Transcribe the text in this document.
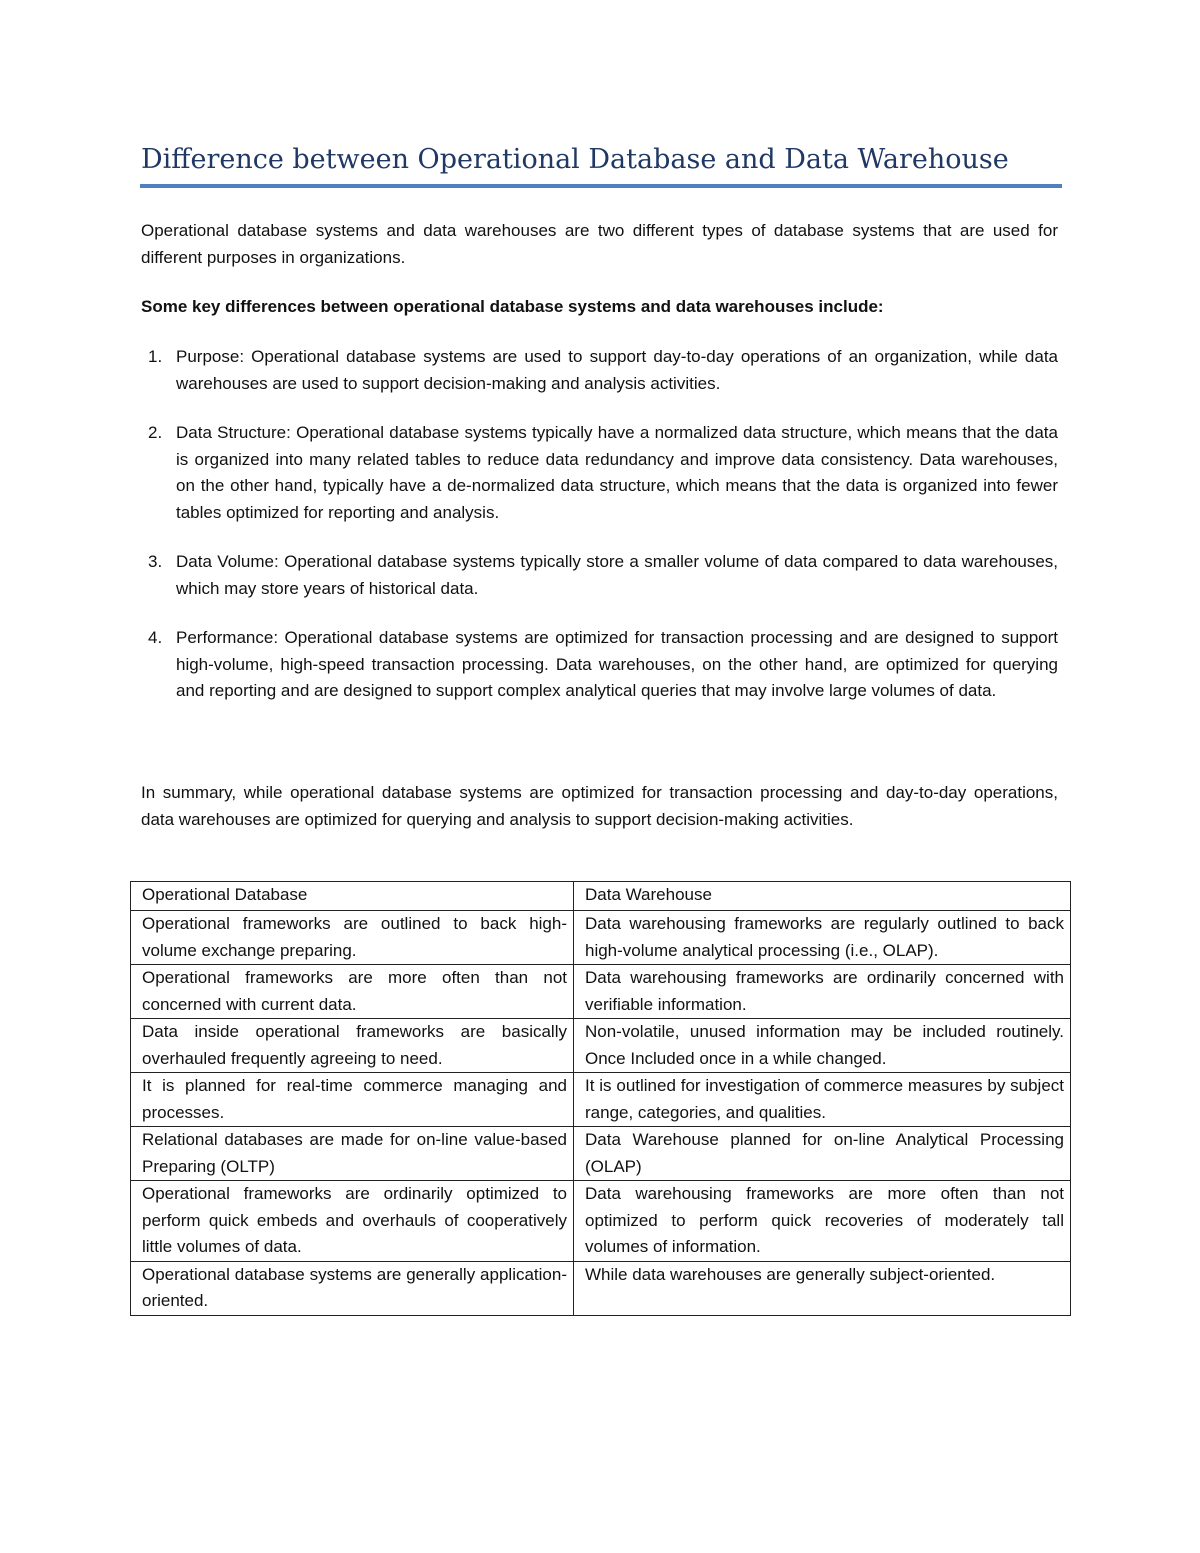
Difference between Operational Database and Data Warehouse
Operational database systems and data warehouses are two different types of database systems that are used for different purposes in organizations.
Some key differences between operational database systems and data warehouses include:
1. Purpose: Operational database systems are used to support day-to-day operations of an organization, while data warehouses are used to support decision-making and analysis activities.
2. Data Structure: Operational database systems typically have a normalized data structure, which means that the data is organized into many related tables to reduce data redundancy and improve data consistency. Data warehouses, on the other hand, typically have a de-normalized data structure, which means that the data is organized into fewer tables optimized for reporting and analysis.
3. Data Volume: Operational database systems typically store a smaller volume of data compared to data warehouses, which may store years of historical data.
4. Performance: Operational database systems are optimized for transaction processing and are designed to support high-volume, high-speed transaction processing. Data warehouses, on the other hand, are optimized for querying and reporting and are designed to support complex analytical queries that may involve large volumes of data.
In summary, while operational database systems are optimized for transaction processing and day-to-day operations, data warehouses are optimized for querying and analysis to support decision-making activities.
Operational Database	Data Warehouse
Operational frameworks are outlined to back high-volume exchange preparing.	Data warehousing frameworks are regularly outlined to back high-volume analytical processing (i.e., OLAP).
Operational frameworks are more often than not concerned with current data.	Data warehousing frameworks are ordinarily concerned with verifiable information.
Data inside operational frameworks are basically overhauled frequently agreeing to need.	Non-volatile, unused information may be included routinely. Once Included once in a while changed.
It is planned for real-time commerce managing and processes.	It is outlined for investigation of commerce measures by subject range, categories, and qualities.
Relational databases are made for on-line value-based Preparing (OLTP)	Data Warehouse planned for on-line Analytical Processing (OLAP)
Operational frameworks are ordinarily optimized to perform quick embeds and overhauls of cooperatively little volumes of data.	Data warehousing frameworks are more often than not optimized to perform quick recoveries of moderately tall volumes of information.
Operational database systems are generally application-oriented.	While data warehouses are generally subject-oriented.
